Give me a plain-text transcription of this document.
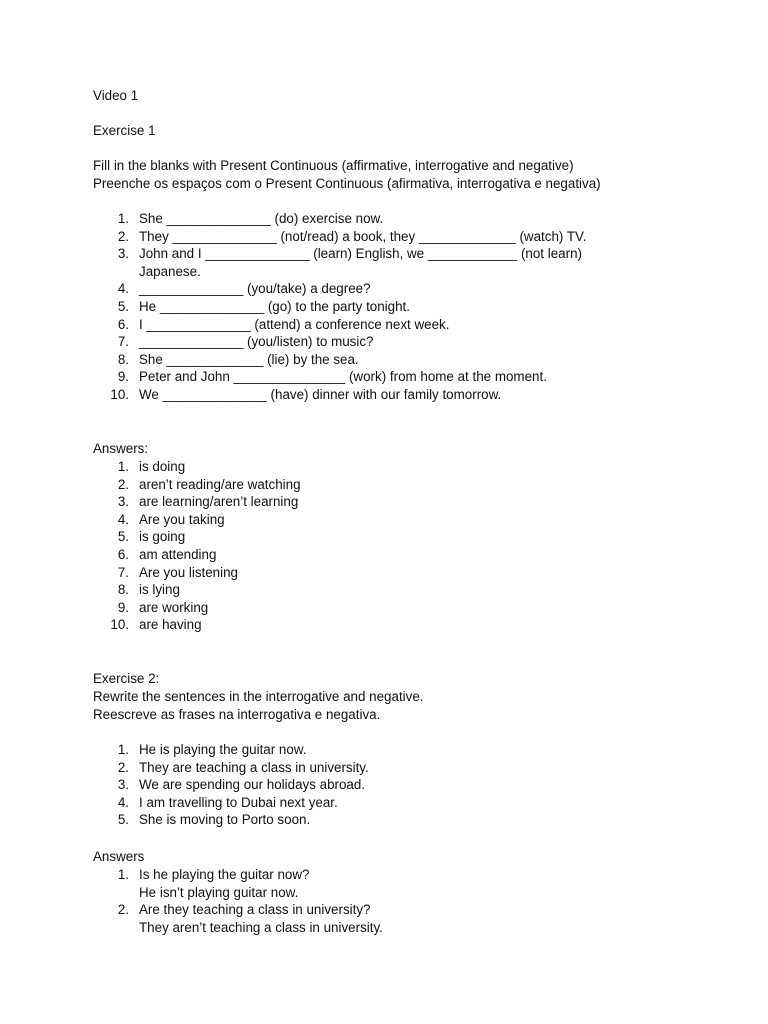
Video 1

Exercise 1

Fill in the blanks with Present Continuous (affirmative, interrogative and negative)

Preenche os espaços com o Present Continuous (afirmativa, interrogativa e negativa)

1. She ______________ (do) exercise now.
2. They ______________ (not/read) a book, they _____________ (watch) TV.
3. John and I ______________ (learn) English, we ____________ (not learn)
Japanese.
4. ______________ (you/take) a degree?
5. He ______________ (go) to the party tonight.
6. I ______________ (attend) a conference next week.
7. ______________ (you/listen) to music?
8. She _____________ (lie) by the sea.
9. Peter and John _______________ (work) from home at the moment.
10. We ______________ (have) dinner with our family tomorrow.

Answers:

1. is doing
2. aren’t reading/are watching
3. are learning/aren’t learning
4. Are you taking
5. is going
6. am attending
7. Are you listening
8. is lying
9. are working
10. are having

Exercise 2:

Rewrite the sentences in the interrogative and negative.

Reescreve as frases na interrogativa e negativa.

1. He is playing the guitar now.
2. They are teaching a class in university.
3. We are spending our holidays abroad.
4. I am travelling to Dubai next year.
5. She is moving to Porto soon.

Answers

1. Is he playing the guitar now?
He isn’t playing guitar now.
2. Are they teaching a class in university?
They aren’t teaching a class in university.
